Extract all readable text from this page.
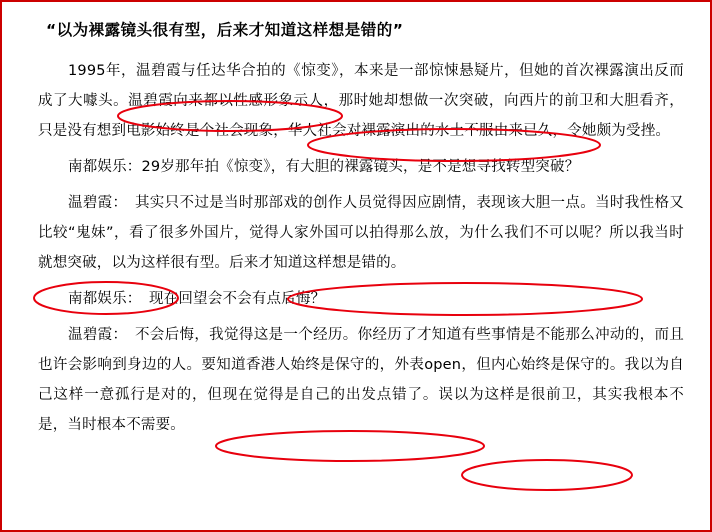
“以为裸露镜头很有型，后来才知道这样想是错的”

1995年，温碧霞与任达华合拍的《惊变》，本来是一部惊悚悬疑片，但她的首次裸露演出反而成了大噱头。温碧霞向来都以性感形象示人，那时她却想做一次突破，向西片的前卫和大胆看齐，只是没有想到电影始终是个社会现象，华人社会对裸露演出的水土不服由来已久，令她颇为受挫。

南都娱乐：29岁那年拍《惊变》，有大胆的裸露镜头，是不是想寻找转型突破？

温碧霞：　其实只不过是当时那部戏的创作人员觉得因应剧情，表现该大胆一点。当时我性格又比较“鬼妹”，看了很多外国片，觉得人家外国可以拍得那么放，为什么我们不可以呢？所以我当时就想突破，以为这样很有型。后来才知道这样想是错的。

南都娱乐：　现在回望会不会有点后悔？

温碧霞：　不会后悔，我觉得这是一个经历。你经历了才知道有些事情是不能那么冲动的，而且也许会影响到身边的人。要知道香港人始终是保守的，外表open，但内心始终是保守的。我以为自己这样一意孤行是对的，但现在觉得是自己的出发点错了。误以为这样是很前卫，其实我根本不是，当时根本不需要。
